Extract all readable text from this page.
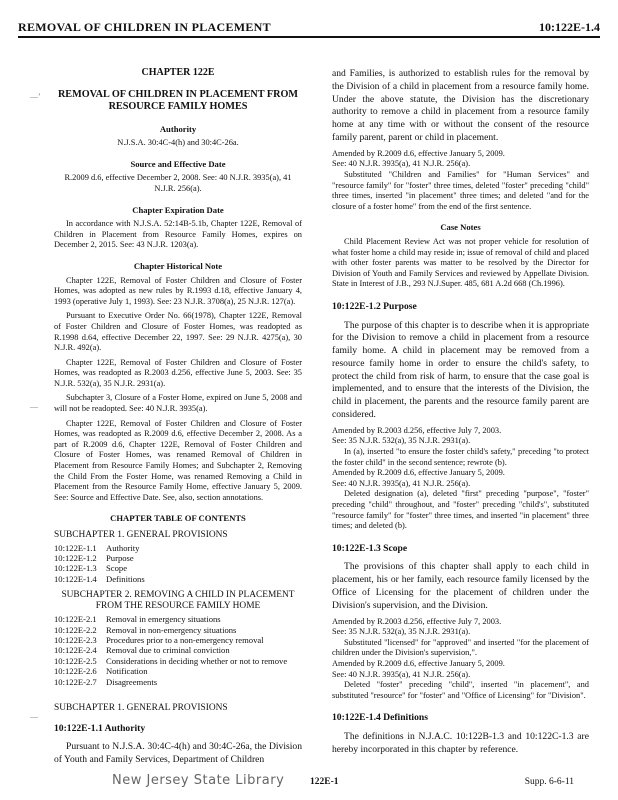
REMOVAL OF CHILDREN IN PLACEMENT	10:122E-1.4
—’
—
—
CHAPTER 122E
REMOVAL OF CHILDREN IN PLACEMENT FROM RESOURCE FAMILY HOMES
Authority

N.J.S.A. 30:4C-4(h) and 30:4C-26a.

Source and Effective Date

R.2009 d.6, effective December 2, 2008. See: 40 N.J.R. 3935(a), 41 N.J.R. 256(a).

Chapter Expiration Date

In accordance with N.J.S.A. 52:14B-5.1b, Chapter 122E, Removal of Children in Placement from Resource Family Homes, expires on December 2, 2015. See: 43 N.J.R. 1203(a).

Chapter Historical Note

Chapter 122E, Removal of Foster Children and Closure of Foster Homes, was adopted as new rules by R.1993 d.18, effective January 4, 1993 (operative July 1, 1993). See: 23 N.J.R. 3708(a), 25 N.J.R. 127(a).

Pursuant to Executive Order No. 66(1978), Chapter 122E, Removal of Foster Children and Closure of Foster Homes, was readopted as R.1998 d.64, effective December 22, 1997. See: 29 N.J.R. 4275(a), 30 N.J.R. 492(a).

Chapter 122E, Removal of Foster Children and Closure of Foster Homes, was readopted as R.2003 d.256, effective June 5, 2003. See: 35 N.J.R. 532(a), 35 N.J.R. 2931(a).

Subchapter 3, Closure of a Foster Home, expired on June 5, 2008 and will not be readopted. See: 40 N.J.R. 3935(a).

Chapter 122E, Removal of Foster Children and Closure of Foster Homes, was readopted as R.2009 d.6, effective December 2, 2008. As a part of R.2009 d.6, Chapter 122E, Removal of Foster Children and Closure of Foster Homes, was renamed Removal of Children in Placement from Resource Family Homes; and Subchapter 2, Removing the Child From the Foster Home, was renamed Removing a Child in Placement from the Resource Family Home, effective January 5, 2009. See: Source and Effective Date. See, also, section annotations.

CHAPTER TABLE OF CONTENTS
SUBCHAPTER 1. GENERAL PROVISIONS
10:122E-1.1	Authority
10:122E-1.2	Purpose
10:122E-1.3	Scope
10:122E-1.4	Definitions
SUBCHAPTER 2. REMOVING A CHILD IN PLACEMENT FROM THE RESOURCE FAMILY HOME
10:122E-2.1	Removal in emergency situations
10:122E-2.2	Removal in non-emergency situations
10:122E-2.3	Procedures prior to a non-emergency removal
10:122E-2.4	Removal due to criminal conviction
10:122E-2.5	Considerations in deciding whether or not to remove
10:122E-2.6	Notification
10:122E-2.7	Disagreements
SUBCHAPTER 1. GENERAL PROVISIONS
10:122E-1.1 Authority

Pursuant to N.J.S.A. 30:4C-4(h) and 30:4C-26a, the Division of Youth and Family Services, Department of Children

and Families, is authorized to establish rules for the removal by the Division of a child in placement from a resource family home. Under the above statute, the Division has the discretionary authority to remove a child in placement from a resource family home at any time with or without the consent of the resource family parent, parent or child in placement.

Amended by R.2009 d.6, effective January 5, 2009.

See: 40 N.J.R. 3935(a), 41 N.J.R. 256(a).

Substituted "Children and Families" for "Human Services" and "resource family" for "foster" three times, deleted "foster" preceding "child" three times, inserted "in placement" three times; and deleted "and for the closure of a foster home" from the end of the first sentence.

Case Notes

Child Placement Review Act was not proper vehicle for resolution of what foster home a child may reside in; issue of removal of child and placed with other foster parents was matter to be resolved by the Director for Division of Youth and Family Services and reviewed by Appellate Division. State in Interest of J.B., 293 N.J.Super. 485, 681 A.2d 668 (Ch.1996).

10:122E-1.2 Purpose

The purpose of this chapter is to describe when it is appropriate for the Division to remove a child in placement from a resource family home. A child in placement may be removed from a resource family home in order to ensure the child's safety, to protect the child from risk of harm, to ensure that the case goal is implemented, and to ensure that the interests of the Division, the child in placement, the parents and the resource family parent are considered.

Amended by R.2003 d.256, effective July 7, 2003.

See: 35 N.J.R. 532(a), 35 N.J.R. 2931(a).

In (a), inserted "to ensure the foster child's safety," preceding "to protect the foster child" in the second sentence; rewrote (b).

Amended by R.2009 d.6, effective January 5, 2009.

See: 40 N.J.R. 3935(a), 41 N.J.R. 256(a).

Deleted designation (a), deleted "first" preceding "purpose", "foster" preceding "child" throughout, and "foster" preceding "child's", substituted "resource family" for "foster" three times, and inserted "in placement" three times; and deleted (b).

10:122E-1.3 Scope

The provisions of this chapter shall apply to each child in placement, his or her family, each resource family licensed by the Office of Licensing for the placement of children under the Division's supervision, and the Division.

Amended by R.2003 d.256, effective July 7, 2003.

See: 35 N.J.R. 532(a), 35 N.J.R. 2931(a).

Substituted "licensed" for "approved" and inserted "for the placement of children under the Division's supervision,".

Amended by R.2009 d.6, effective January 5, 2009.

See: 40 N.J.R. 3935(a), 41 N.J.R. 256(a).

Deleted "foster" preceding "child", inserted "in placement", and substituted "resource" for "foster" and "Office of Licensing" for "Division".

10:122E-1.4 Definitions

The definitions in N.J.A.C. 10:122B-1.3 and 10:122C-1.3 are hereby incorporated in this chapter by reference.

New Jersey State Library	122E-1	Supp. 6-6-11
